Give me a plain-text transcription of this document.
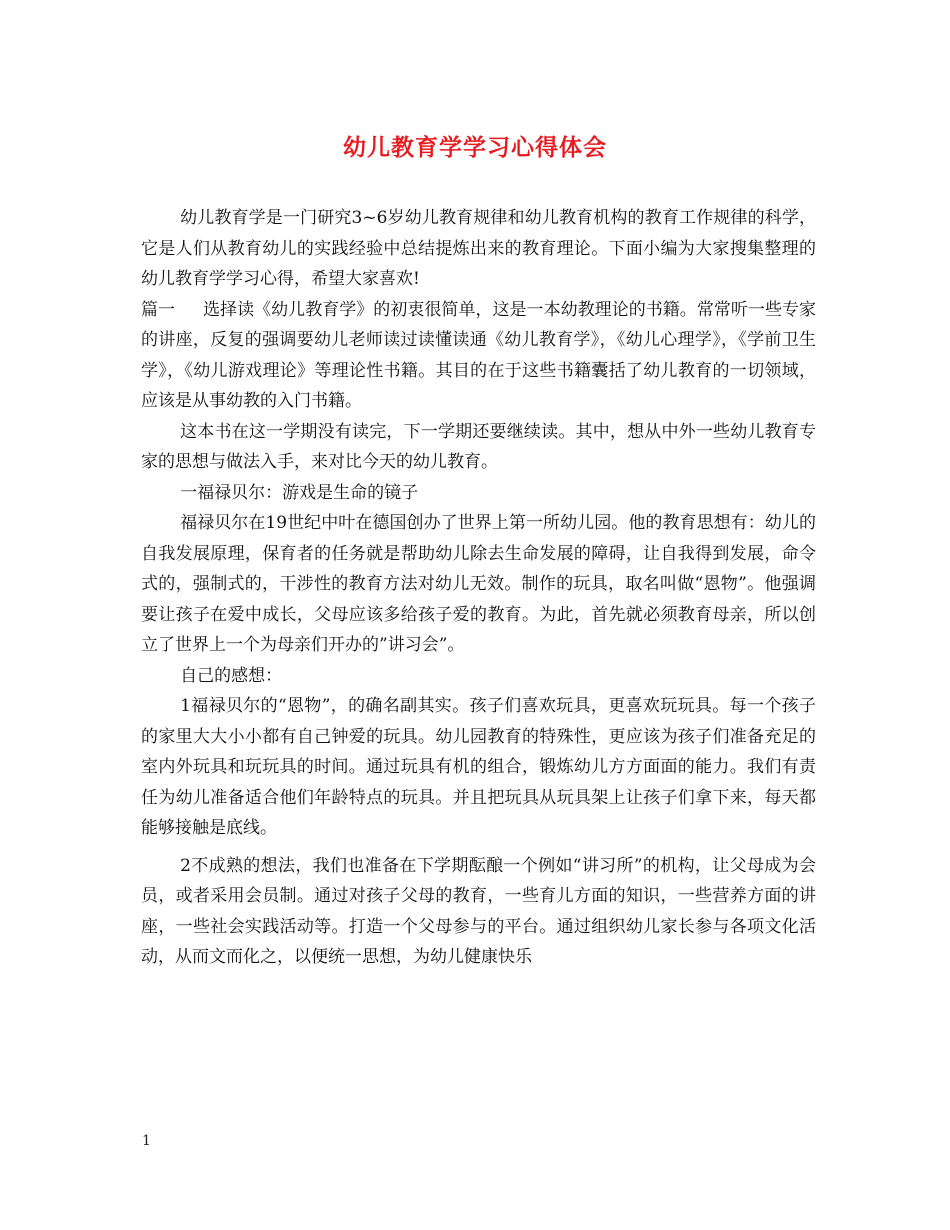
幼儿教育学学习心得体会

幼儿教育学是一门研究3~6岁幼儿教育规律和幼儿教育机构的教育工作规律的科学，它是人们从教育幼儿的实践经验中总结提炼出来的教育理论。下面小编为大家搜集整理的幼儿教育学学习心得，希望大家喜欢!

篇一 选择读《幼儿教育学》的初衷很简单，这是一本幼教理论的书籍。常常听一些专家的讲座，反复的强调要幼儿老师读过读懂读通《幼儿教育学》，《幼儿心理学》，《学前卫生学》，《幼儿游戏理论》等理论性书籍。其目的在于这些书籍囊括了幼儿教育的一切领域，应该是从事幼教的入门书籍。

这本书在这一学期没有读完，下一学期还要继续读。其中，想从中外一些幼儿教育专家的思想与做法入手，来对比今天的幼儿教育。

一福禄贝尔：游戏是生命的镜子

福禄贝尔在19世纪中叶在德国创办了世界上第一所幼儿园。他的教育思想有：幼儿的自我发展原理，保育者的任务就是帮助幼儿除去生命发展的障碍，让自我得到发展，命令式的，强制式的，干涉性的教育方法对幼儿无效。制作的玩具，取名叫做“恩物”。他强调要让孩子在爱中成长，父母应该多给孩子爱的教育。为此，首先就必须教育母亲，所以创立了世界上一个为母亲们开办的”讲习会”。

自己的感想：

1福禄贝尔的“恩物”，的确名副其实。孩子们喜欢玩具，更喜欢玩玩具。每一个孩子的家里大大小小都有自己钟爱的玩具。幼儿园教育的特殊性，更应该为孩子们准备充足的室内外玩具和玩玩具的时间。通过玩具有机的组合，锻炼幼儿方方面面的能力。我们有责任为幼儿准备适合他们年龄特点的玩具。并且把玩具从玩具架上让孩子们拿下来，每天都能够接触是底线。

2不成熟的想法，我们也准备在下学期酝酿一个例如“讲习所”的机构，让父母成为会员，或者采用会员制。通过对孩子父母的教育，一些育儿方面的知识，一些营养方面的讲座，一些社会实践活动等。打造一个父母参与的平台。通过组织幼儿家长参与各项文化活动，从而文而化之，以便统一思想，为幼儿健康快乐

1
